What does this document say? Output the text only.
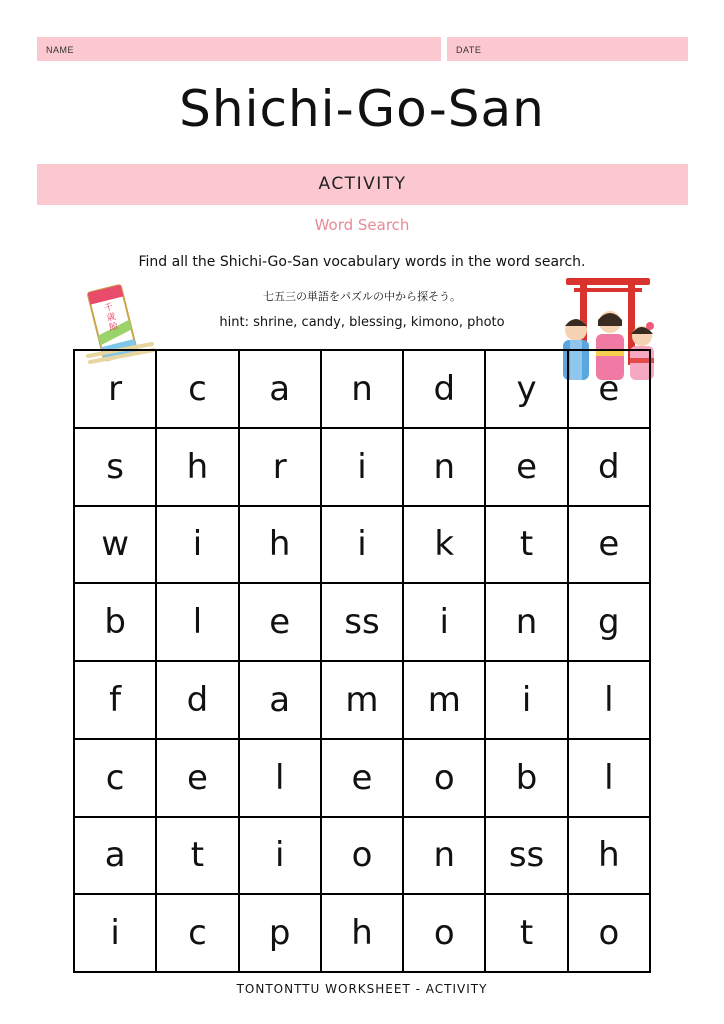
NAME	DATE
Shichi-Go-San
ACTIVITY
Word Search
Find all the Shichi-Go-San vocabulary words in the word search.
七五三の単語をパズルの中から探そう。
hint: shrine, candy, blessing, kimono, photo
千
歳
飴
r	c	a	n	d	y	e
s	h	r	i	n	e	d
w	i	h	i	k	t	e
b	l	e	ss	i	n	g
f	d	a	m	m	i	l
c	e	l	e	o	b	l
a	t	i	o	n	ss	h
i	c	p	h	o	t	o
TONTONTTU WORKSHEET - ACTIVITY
